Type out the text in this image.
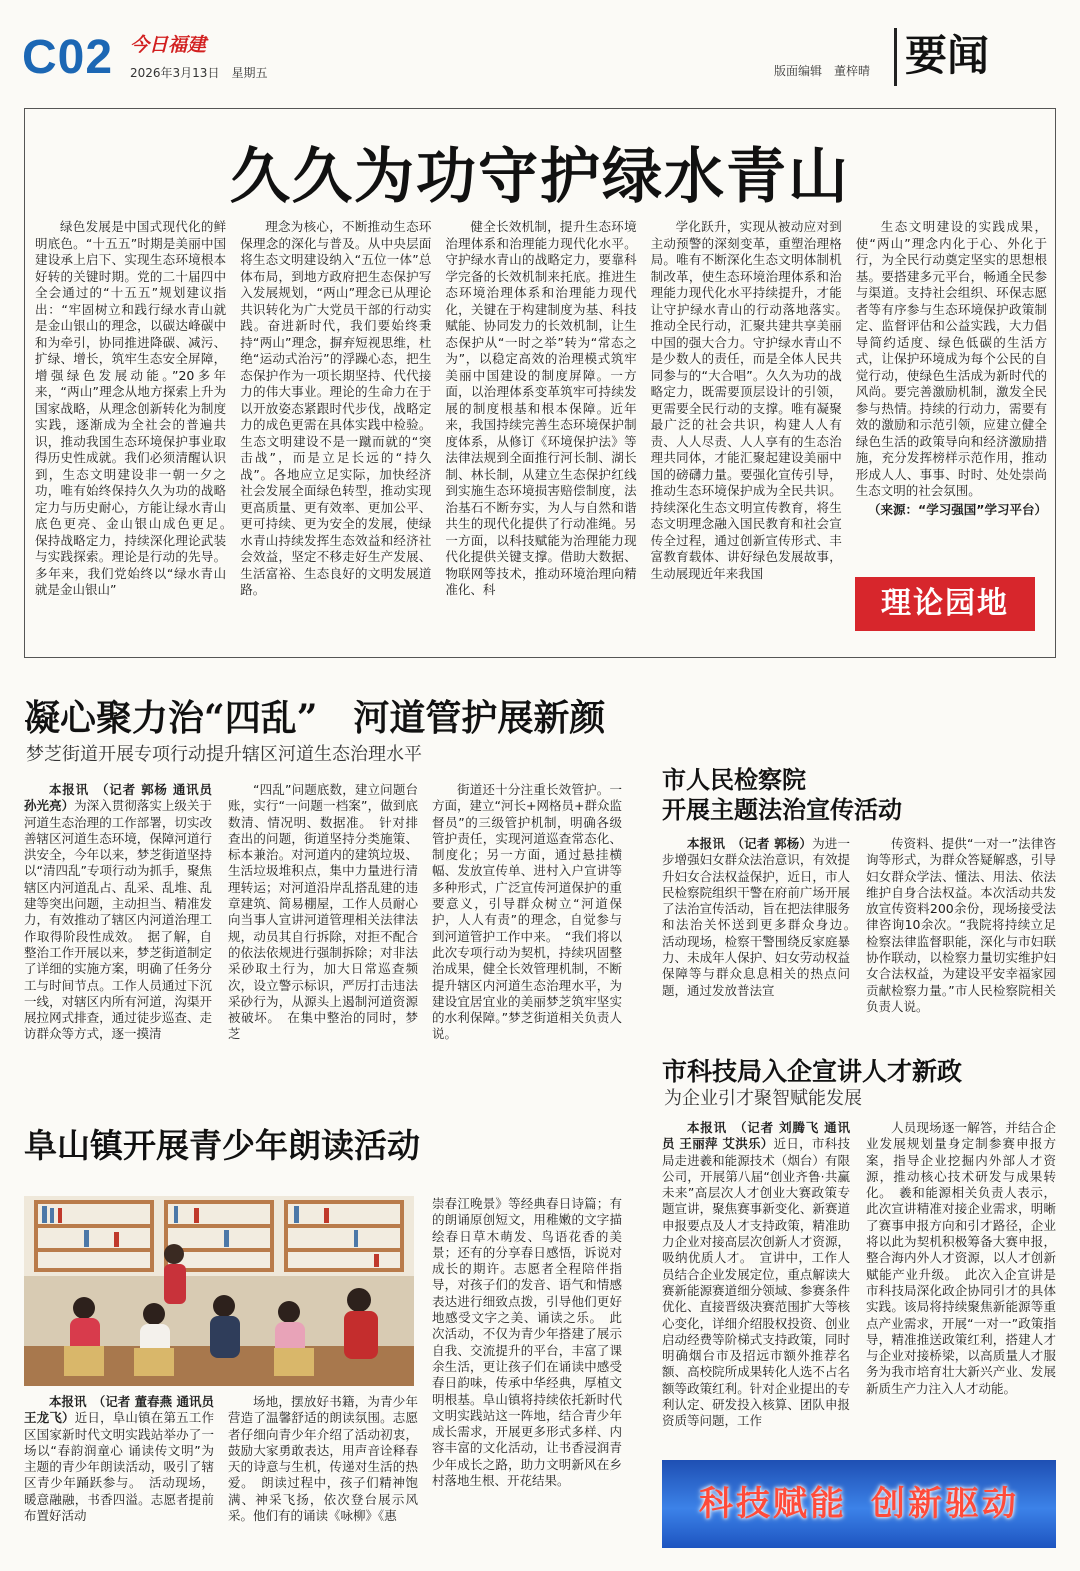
C02 今日福建
2026年3月13日　星期五	版面编辑　董梓晴 要闻
久久为功守护绿水青山

绿色发展是中国式现代化的鲜明底色。“十五五”时期是美丽中国建设承上启下、实现生态环境根本好转的关键时期。党的二十届四中全会通过的“十五五”规划建议指出：“牢固树立和践行绿水青山就是金山银山的理念，以碳达峰碳中和为牵引，协同推进降碳、减污、扩绿、增长，筑牢生态安全屏障，增强绿色发展动能。”20多年来，“两山”理念从地方探索上升为国家战略，从理念创新转化为制度实践，逐渐成为全社会的普遍共识，推动我国生态环境保护事业取得历史性成就。我们必须清醒认识到，生态文明建设非一朝一夕之功，唯有始终保持久久为功的战略定力与历史耐心，方能让绿水青山底色更亮、金山银山成色更足。　保持战略定力，持续深化理论武装与实践探索。理论是行动的先导。多年来，我们党始终以“绿水青山就是金山银山”

理念为核心，不断推动生态环保理念的深化与普及。从中央层面将生态文明建设纳入“五位一体”总体布局，到地方政府把生态保护写入发展规划，“两山”理念已从理论共识转化为广大党员干部的行动实践。奋进新时代，我们要始终秉持“两山”理念，摒弃短视思维，杜绝“运动式治污”的浮躁心态，把生态保护作为一项长期坚持、代代接力的伟大事业。理论的生命力在于以开放姿态紧跟时代步伐，战略定力的成色更需在具体实践中检验。生态文明建设不是一蹴而就的“突击战”，而是立足长远的“持久战”。各地应立足实际，加快经济社会发展全面绿色转型，推动实现更高质量、更有效率、更加公平、更可持续、更为安全的发展，使绿水青山持续发挥生态效益和经济社会效益，坚定不移走好生产发展、生活富裕、生态良好的文明发展道路。

健全长效机制，提升生态环境治理体系和治理能力现代化水平。守护绿水青山的战略定力，要靠科学完备的长效机制来托底。推进生态环境治理体系和治理能力现代化，关键在于构建制度为基、科技赋能、协同发力的长效机制，让生态保护从“一时之举”转为“常态之为”，以稳定高效的治理模式筑牢美丽中国建设的制度屏障。一方面，以治理体系变革筑牢可持续发展的制度根基和根本保障。近年来，我国持续完善生态环境保护制度体系，从修订《环境保护法》等法律法规到全面推行河长制、湖长制、林长制，从建立生态保护红线到实施生态环境损害赔偿制度，法治基石不断夯实，为人与自然和谐共生的现代化提供了行动准绳。另一方面，以科技赋能为治理能力现代化提供关键支撑。借助大数据、物联网等技术，推动环境治理向精准化、科

学化跃升，实现从被动应对到主动预警的深刻变革，重塑治理格局。唯有不断深化生态文明体制机制改革，使生态环境治理体系和治理能力现代化水平持续提升，才能让守护绿水青山的行动落地落实。　推动全民行动，汇聚共建共享美丽中国的强大合力。守护绿水青山不是少数人的责任，而是全体人民共同参与的“大合唱”。久久为功的战略定力，既需要顶层设计的引领，更需要全民行动的支撑。唯有凝聚最广泛的社会共识，构建人人有责、人人尽责、人人享有的生态治理共同体，才能汇聚起建设美丽中国的磅礴力量。要强化宣传引导，推动生态环境保护成为全民共识。持续深化生态文明宣传教育，将生态文明理念融入国民教育和社会宣传全过程，通过创新宣传形式、丰富教育载体、讲好绿色发展故事，生动展现近年来我国

生态文明建设的实践成果，使“两山”理念内化于心、外化于行，为全民行动奠定坚实的思想根基。要搭建多元平台，畅通全民参与渠道。支持社会组织、环保志愿者等有序参与生态环境保护政策制定、监督评估和公益实践，大力倡导简约适度、绿色低碳的生活方式，让保护环境成为每个公民的自觉行动，使绿色生活成为新时代的风尚。要完善激励机制，激发全民参与热情。持续的行动力，需要有效的激励和示范引领，应建立健全绿色生活的政策导向和经济激励措施，充分发挥榜样示范作用，推动形成人人、事事、时时、处处崇尚生态文明的社会氛围。

（来源：“学习强国”学习平台）
理论园地
凝心聚力治“四乱”　河道管护展新颜
梦芝街道开展专项行动提升辖区河道生态治理水平

本报讯　（记者 郭杨 通讯员 孙光亮）为深入贯彻落实上级关于河道生态治理的工作部署，切实改善辖区河道生态环境，保障河道行洪安全，今年以来，梦芝街道坚持以“清四乱”专项行动为抓手，聚焦辖区内河道乱占、乱采、乱堆、乱建等突出问题，主动担当、精准发力，有效推动了辖区内河道治理工作取得阶段性成效。　据了解，自整治工作开展以来，梦芝街道制定了详细的实施方案，明确了任务分工与时间节点。工作人员通过下沉一线，对辖区内所有河道，沟渠开展拉网式排查，通过徒步巡查、走访群众等方式，逐一摸清

“四乱”问题底数，建立问题台账，实行“一问题一档案”，做到底数清、情况明、数据准。　针对排查出的问题，街道坚持分类施策、标本兼治。对河道内的建筑垃圾、生活垃圾堆积点，集中力量进行清理转运；对河道沿岸乱搭乱建的违章建筑、简易棚屋，工作人员耐心向当事人宣讲河道管理相关法律法规，动员其自行拆除，对拒不配合的依法依规进行强制拆除；对非法采砂取土行为，加大日常巡查频次，设立警示标识，严厉打击违法采砂行为，从源头上遏制河道资源被破坏。　在集中整治的同时，梦芝

街道还十分注重长效管护。一方面，建立“河长+网格员+群众监督员”的三级管护机制，明确各级管护责任，实现河道巡查常态化、制度化；另一方面，通过悬挂横幅、发放宣传单、进村入户宣讲等多种形式，广泛宣传河道保护的重要意义，引导群众树立“河道保护，人人有责”的理念，自觉参与到河道管护工作中来。　“我们将以此次专项行动为契机，持续巩固整治成果，健全长效管理机制，不断提升辖区内河道生态治理水平，为建设宜居宜业的美丽梦芝筑牢坚实的水利保障。”梦芝街道相关负责人说。

市人民检察院
开展主题法治宣传活动

本报讯　（记者 郭杨）为进一步增强妇女群众法治意识，有效提升妇女合法权益保护，近日，市人民检察院组织干警在府前广场开展了法治宣传活动，旨在把法律服务和法治关怀送到更多群众身边。　活动现场，检察干警围绕反家庭暴力、未成年人保护、妇女劳动权益保障等与群众息息相关的热点问题，通过发放普法宣

传资料、提供“一对一”法律咨询等形式，为群众答疑解惑，引导妇女群众学法、懂法、用法、依法维护自身合法权益。本次活动共发放宣传资料200余份，现场接受法律咨询10余次。“我院将持续立足检察法律监督职能，深化与市妇联协作联动，以检察力量切实维护妇女合法权益，为建设平安幸福家园贡献检察力量。”市人民检察院相关负责人说。

市科技局入企宣讲人才新政
为企业引才聚智赋能发展

本报讯　（记者 刘腾飞 通讯员 王丽萍 艾洪乐）近日，市科技局走进羲和能源技术（烟台）有限公司，开展第八届“创业齐鲁·共赢未来”高层次人才创业大赛政策专题宣讲，聚焦赛事新变化、新赛道申报要点及人才支持政策，精准助力企业对接高层次创新人才资源，吸纳优质人才。　宣讲中，工作人员结合企业发展定位，重点解读大赛新能源赛道细分领域、参赛条件优化、直接晋级决赛范围扩大等核心变化，详细介绍股权投资、创业启动经费等阶梯式支持政策，同时明确烟台市及招远市额外推荐名额、高校院所成果转化人选不占名额等政策红利。针对企业提出的专利认定、研发投入核算、团队申报资质等问题，工作

人员现场逐一解答，并结合企业发展规划量身定制参赛申报方案，指导企业挖掘内外部人才资源，推动核心技术研发与成果转化。　羲和能源相关负责人表示，此次宣讲精准对接企业需求，明晰了赛事申报方向和引才路径，企业将以此为契机积极筹备大赛申报，整合海内外人才资源，以人才创新赋能产业升级。　此次入企宣讲是市科技局深化政企协同引才的具体实践。该局将持续聚焦新能源等重点产业需求，开展“一对一”政策指导，精准推送政策红利，搭建人才与企业对接桥梁，以高质量人才服务为我市培育壮大新兴产业、发展新质生产力注入人才动能。

科技赋能 创新驱动
阜山镇开展青少年朗读活动

本报讯　（记者 董春燕 通讯员 王龙飞）近日，阜山镇在第五工作区国家新时代文明实践站举办了一场以“春韵润童心 诵读传文明”为主题的青少年朗读活动，吸引了辖区青少年踊跃参与。　活动现场，暖意融融，书香四溢。志愿者提前布置好活动

场地，摆放好书籍，为青少年营造了温馨舒适的朗读氛围。志愿者仔细向青少年介绍了活动初衷，鼓励大家勇敢表达，用声音诠释春天的诗意与生机，传递对生活的热爱。　朗读过程中，孩子们精神饱满、神采飞扬，依次登台展示风采。他们有的诵读《咏柳》《惠

崇春江晚景》等经典春日诗篇；有的朗诵原创短文，用稚嫩的文字描绘春日草木萌发、鸟语花香的美景；还有的分享春日感悟，诉说对成长的期许。志愿者全程陪伴指导，对孩子们的发音、语气和情感表达进行细致点拨，引导他们更好地感受文字之美、诵读之乐。　此次活动，不仅为青少年搭建了展示自我、交流提升的平台，丰富了课余生活，更让孩子们在诵读中感受春日韵味，传承中华经典，厚植文明根基。阜山镇将持续依托新时代文明实践站这一阵地，结合青少年成长需求，开展更多形式多样、内容丰富的文化活动，让书香浸润青少年成长之路，助力文明新风在乡村落地生根、开花结果。
